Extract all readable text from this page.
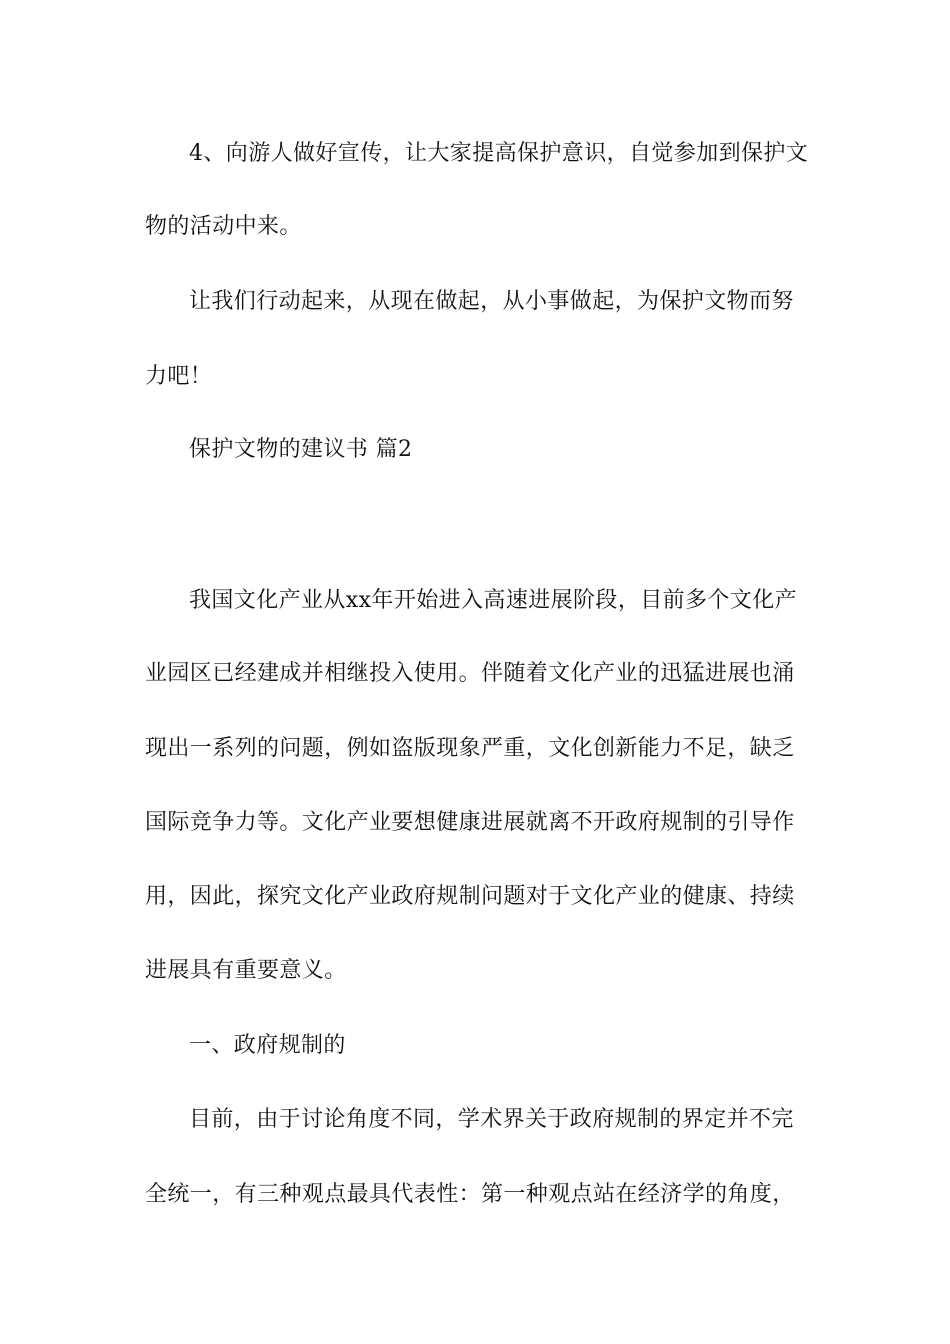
4、向游人做好宣传，让大家提高保护意识，自觉参加到保护文
物的活动中来。
让我们行动起来，从现在做起，从小事做起，为保护文物而努
力吧！
保护文物的建议书 篇2
我国文化产业从xx年开始进入高速进展阶段，目前多个文化产
业园区已经建成并相继投入使用。伴随着文化产业的迅猛进展也涌
现出一系列的问题，例如盗版现象严重，文化创新能力不足，缺乏
国际竞争力等。文化产业要想健康进展就离不开政府规制的引导作
用，因此，探究文化产业政府规制问题对于文化产业的健康、持续
进展具有重要意义。
一、政府规制的
目前，由于讨论角度不同，学术界关于政府规制的界定并不完
全统一，有三种观点最具代表性：第一种观点站在经济学的角度，
